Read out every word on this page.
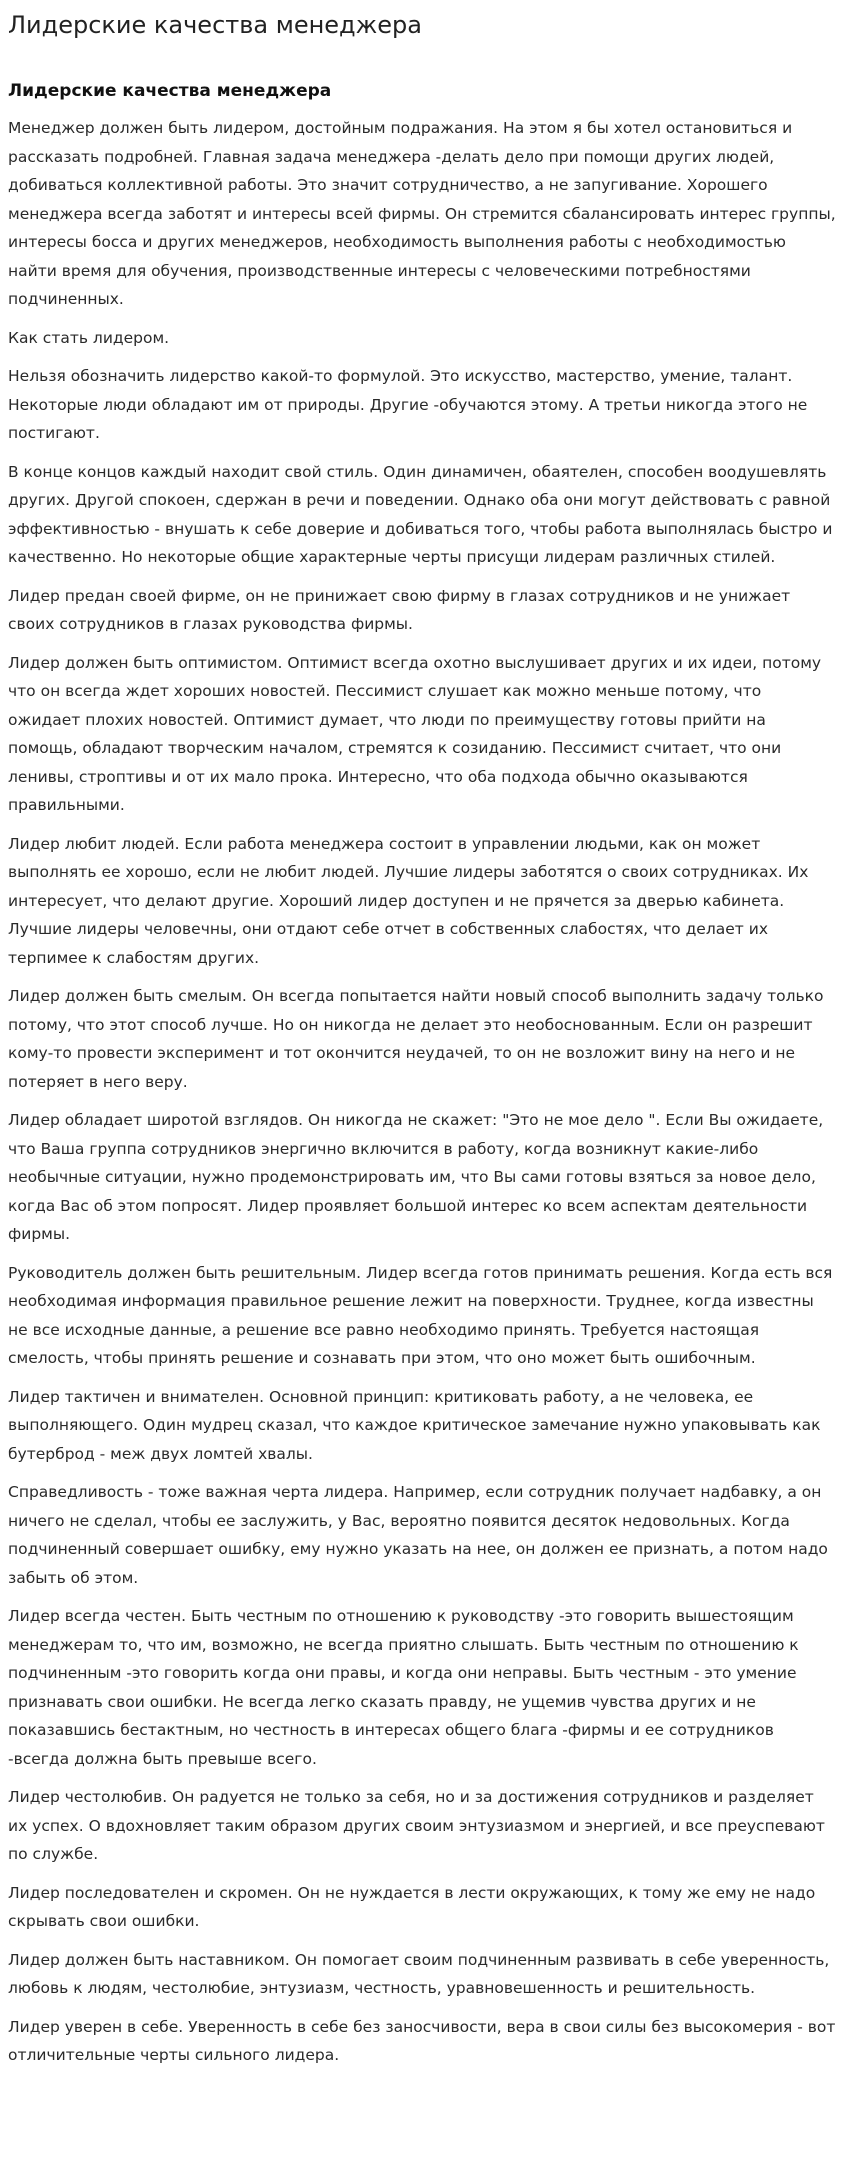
Лидерские качества менеджера
Лидерские качества менеджера

Менеджер должен быть лидером, достойным подражания. На этом я бы хотел остановиться и рассказать подробней. Главная задача менеджера -делать дело при помощи других людей, добиваться коллективной работы. Это значит сотрудничество, а не запугивание. Хорошего менеджера всегда заботят и интересы всей фирмы. Он стремится сбалансировать интерес группы, интересы босса и других менеджеров, необходимость выполнения работы с необходимостью найти время для обучения, производственные интересы с человеческими потребностями подчиненных.

Как стать лидером.

Нельзя обозначить лидерство какой-то формулой. Это искусство, мастерство, умение, талант. Некоторые люди обладают им от природы. Другие -обучаются этому. А третьи никогда этого не постигают.

В конце концов каждый находит свой стиль. Один динамичен, обаятелен, способен воодушевлять других. Другой спокоен, сдержан в речи и поведении. Однако оба они могут действовать с равной эффективностью - внушать к себе доверие и добиваться того, чтобы работа выполнялась быстро и качественно. Но некоторые общие характерные черты присущи лидерам различных стилей.

Лидер предан своей фирме, он не принижает свою фирму в глазах сотрудников и не унижает своих сотрудников в глазах руководства фирмы.

Лидер должен быть оптимистом. Оптимист всегда охотно выслушивает других и их идеи, потому что он всегда ждет хороших новостей. Пессимист слушает как можно меньше потому, что ожидает плохих новостей. Оптимист думает, что люди по преимуществу готовы прийти на помощь, обладают творческим началом, стремятся к созиданию. Пессимист считает, что они ленивы, строптивы и от их мало прока. Интересно, что оба подхода обычно оказываются правильными.

Лидер любит людей. Если работа менеджера состоит в управлении людьми, как он может выполнять ее хорошо, если не любит людей. Лучшие лидеры заботятся о своих сотрудниках. Их интересует, что делают другие. Хороший лидер доступен и не прячется за дверью кабинета. Лучшие лидеры человечны, они отдают себе отчет в собственных слабостях, что делает их терпимее к слабостям других.

Лидер должен быть смелым. Он всегда попытается найти новый способ выполнить задачу только потому, что этот способ лучше. Но он никогда не делает это необоснованным. Если он разрешит кому-то провести эксперимент и тот окончится неудачей, то он не возложит вину на него и не потеряет в него веру.

Лидер обладает широтой взглядов. Он никогда не скажет: "Это не мое дело ". Если Вы ожидаете, что Ваша группа сотрудников энергично включится в работу, когда возникнут какие-либо необычные ситуации, нужно продемонстрировать им, что Вы сами готовы взяться за новое дело, когда Вас об этом попросят. Лидер проявляет большой интерес ко всем аспектам деятельности фирмы.

Руководитель должен быть решительным. Лидер всегда готов принимать решения. Когда есть вся необходимая информация правильное решение лежит на поверхности. Труднее, когда известны не все исходные данные, а решение все равно необходимо принять. Требуется настоящая смелость, чтобы принять решение и сознавать при этом, что оно может быть ошибочным.

Лидер тактичен и внимателен. Основной принцип: критиковать работу, а не человека, ее выполняющего. Один мудрец сказал, что каждое критическое замечание нужно упаковывать как бутерброд - меж двух ломтей хвалы.

Справедливость - тоже важная черта лидера. Например, если сотрудник получает надбавку, а он ничего не сделал, чтобы ее заслужить, у Вас, вероятно появится десяток недовольных. Когда подчиненный совершает ошибку, ему нужно указать на нее, он должен ее признать, а потом надо забыть об этом.

Лидер всегда честен. Быть честным по отношению к руководству -это говорить вышестоящим менеджерам то, что им, возможно, не всегда приятно слышать. Быть честным по отношению к подчиненным -это говорить когда они правы, и когда они неправы. Быть честным - это умение признавать свои ошибки. Не всегда легко сказать правду, не ущемив чувства других и не показавшись бестактным, но честность в интересах общего блага -фирмы и ее сотрудников -всегда должна быть превыше всего.

Лидер честолюбив. Он радуется не только за себя, но и за достижения сотрудников и разделяет их успех. О вдохновляет таким образом других своим энтузиазмом и энергией, и все преуспевают по службе.

Лидер последователен и скромен. Он не нуждается в лести окружающих, к тому же ему не надо скрывать свои ошибки.

Лидер должен быть наставником. Он помогает своим подчиненным развивать в себе уверенность, любовь к людям, честолюбие, энтузиазм, честность, уравновешенность и решительность.

Лидер уверен в себе. Уверенность в себе без заносчивости, вера в свои силы без высокомерия - вот отличительные черты сильного лидера.
